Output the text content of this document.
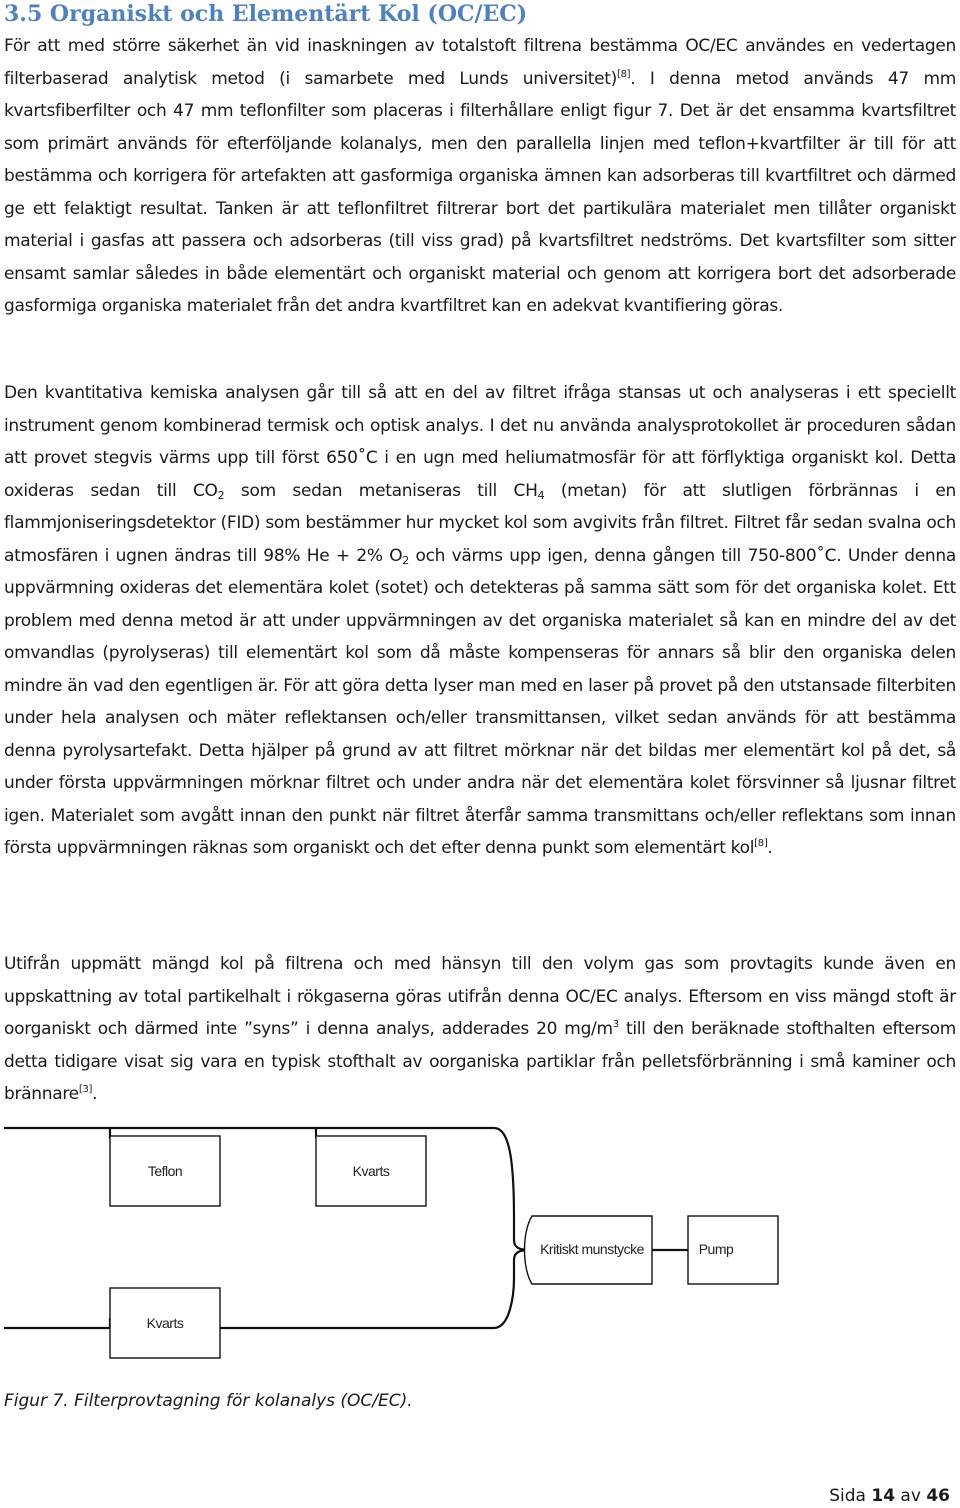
3.5 Organiskt och Elementärt Kol (OC/EC)

För att med större säkerhet än vid inaskningen av totalstoft filtrena bestämma OC/EC användes en vedertagen filterbaserad analytisk metod (i samarbete med Lunds universitet)[8]. I denna metod används 47 mm kvartsfiberfilter och 47 mm teflonfilter som placeras i filterhållare enligt figur 7. Det är det ensamma kvartsfiltret som primärt används för efterföljande kolanalys, men den parallella linjen med teflon+kvartfilter är till för att bestämma och korrigera för artefakten att gasformiga organiska ämnen kan adsorberas till kvartfiltret och därmed ge ett felaktigt resultat. Tanken är att teflonfiltret filtrerar bort det partikulära materialet men tillåter organiskt material i gasfas att passera och adsorberas (till viss grad) på kvartsfiltret nedströms. Det kvartsfilter som sitter ensamt samlar således in både elementärt och organiskt material och genom att korrigera bort det adsorberade gasformiga organiska materialet från det andra kvartfiltret kan en adekvat kvantifiering göras.

Den kvantitativa kemiska analysen går till så att en del av filtret ifråga stansas ut och analyseras i ett speciellt instrument genom kombinerad termisk och optisk analys. I det nu använda analysprotokollet är proceduren sådan att provet stegvis värms upp till först 650˚C i en ugn med heliumatmosfär för att förflyktiga organiskt kol. Detta oxideras sedan till $CO_2$ som sedan metaniseras till $CH_4$ (metan) för att slutligen förbrännas i en flammjoniseringsdetektor (FID) som bestämmer hur mycket kol som avgivits från filtret. Filtret får sedan svalna och atmosfären i ugnen ändras till 98% He + 2% $O_2$ och värms upp igen, denna gången till 750-800˚C. Under denna uppvärmning oxideras det elementära kolet (sotet) och detekteras på samma sätt som för det organiska kolet. Ett problem med denna metod är att under uppvärmningen av det organiska materialet så kan en mindre del av det omvandlas (pyrolyseras) till elementärt kol som då måste kompenseras för annars så blir den organiska delen mindre än vad den egentligen är. För att göra detta lyser man med en laser på provet på den utstansade filterbiten under hela analysen och mäter reflektansen och/eller transmittansen, vilket sedan används för att bestämma denna pyrolysartefakt. Detta hjälper på grund av att filtret mörknar när det bildas mer elementärt kol på det, så under första uppvärmningen mörknar filtret och under andra när det elementära kolet försvinner så ljusnar filtret igen. Materialet som avgått innan den punkt när filtret återfår samma transmittans och/eller reflektans som innan första uppvärmningen räknas som organiskt och det efter denna punkt som elementärt kol[8].

Utifrån uppmätt mängd kol på filtrena och med hänsyn till den volym gas som provtagits kunde även en uppskattning av total partikelhalt i rökgaserna göras utifrån denna OC/EC analys. Eftersom en viss mängd stoft är oorganiskt och därmed inte ”syns” i denna analys, adderades 20 $mg/m^3$ till den beräknade stofthalten eftersom detta tidigare visat sig vara en typisk stofthalt av oorganiska partiklar från pelletsförbränning i små kaminer och brännare[3].

Teflon	Kvarts
Kvarts
Kritiskt munstycke	Pump
Figur 7. Filterprovtagning för kolanalys (OC/EC).
Sida 14 av 46
